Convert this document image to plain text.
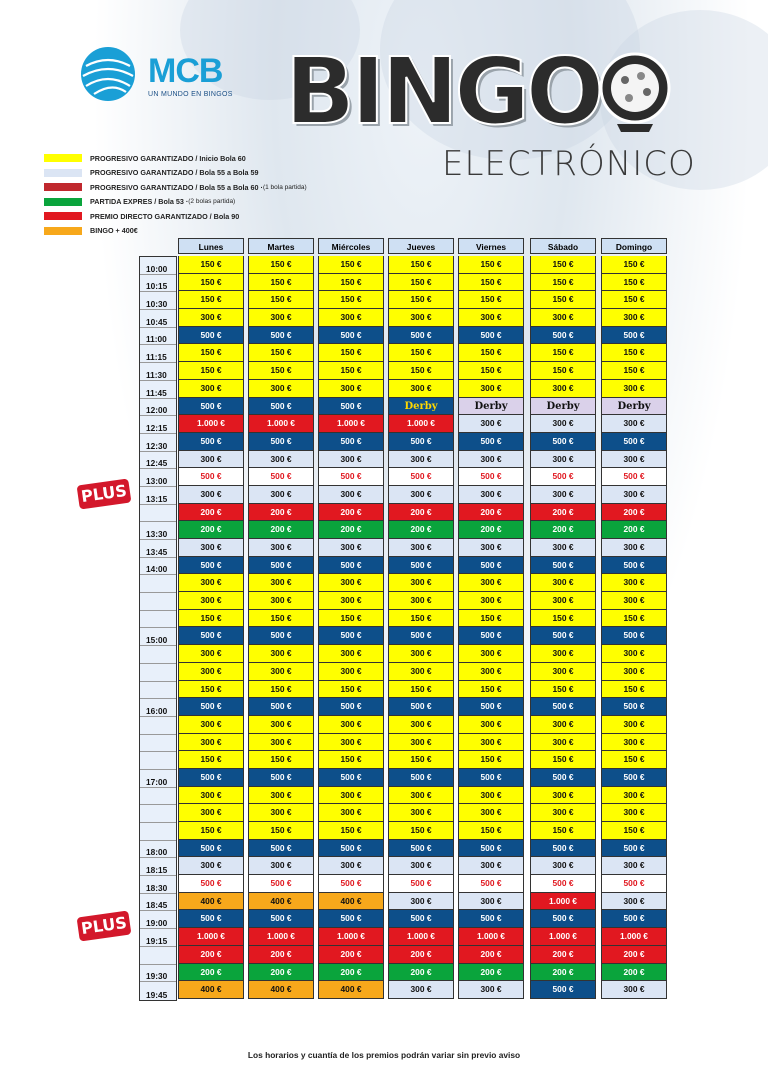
MCB
UN MUNDO EN BINGOS BINGO
ELECTRÓNICO
PROGRESIVO GARANTIZADO / Inicio Bola 60
PROGRESIVO GARANTIZADO / Bola 55 a Bola 59
PROGRESIVO GARANTIZADO / Bola 55 a Bola 60 · (1 bola partida)
PARTIDA EXPRES / Bola 53 · (2 bolas partida)
PREMIO DIRECTO GARANTIZADO / Bola 90
BINGO + 400€
10:00
10:15
10:30
10:45
11:00
11:15
11:30
11:45
12:00
12:15
12:30
12:45
13:00
13:15
13:30
13:45
14:00
15:00
16:00
17:00
18:00
18:15
18:30
18:45
19:00
19:15
19:30
19:45
Lunes
150 €
150 €
150 €
300 €
500 €
150 €
150 €
300 €
500 €
1.000 €
500 €
300 €
500 €
300 €
200 €
200 €
300 €
500 €
300 €
300 €
150 €
500 €
300 €
300 €
150 €
500 €
300 €
300 €
150 €
500 €
300 €
300 €
150 €
500 €
300 €
500 €
400 €
500 €
1.000 €
200 €
200 €
400 €
Martes
150 €
150 €
150 €
300 €
500 €
150 €
150 €
300 €
500 €
1.000 €
500 €
300 €
500 €
300 €
200 €
200 €
300 €
500 €
300 €
300 €
150 €
500 €
300 €
300 €
150 €
500 €
300 €
300 €
150 €
500 €
300 €
300 €
150 €
500 €
300 €
500 €
400 €
500 €
1.000 €
200 €
200 €
400 €
Miércoles
150 €
150 €
150 €
300 €
500 €
150 €
150 €
300 €
500 €
1.000 €
500 €
300 €
500 €
300 €
200 €
200 €
300 €
500 €
300 €
300 €
150 €
500 €
300 €
300 €
150 €
500 €
300 €
300 €
150 €
500 €
300 €
300 €
150 €
500 €
300 €
500 €
400 €
500 €
1.000 €
200 €
200 €
400 €
Jueves
150 €
150 €
150 €
300 €
500 €
150 €
150 €
300 €
Derby
1.000 €
500 €
300 €
500 €
300 €
200 €
200 €
300 €
500 €
300 €
300 €
150 €
500 €
300 €
300 €
150 €
500 €
300 €
300 €
150 €
500 €
300 €
300 €
150 €
500 €
300 €
500 €
300 €
500 €
1.000 €
200 €
200 €
300 €
Viernes
150 €
150 €
150 €
300 €
500 €
150 €
150 €
300 €
Derby
300 €
500 €
300 €
500 €
300 €
200 €
200 €
300 €
500 €
300 €
300 €
150 €
500 €
300 €
300 €
150 €
500 €
300 €
300 €
150 €
500 €
300 €
300 €
150 €
500 €
300 €
500 €
300 €
500 €
1.000 €
200 €
200 €
300 €
Sábado
150 €
150 €
150 €
300 €
500 €
150 €
150 €
300 €
Derby
300 €
500 €
300 €
500 €
300 €
200 €
200 €
300 €
500 €
300 €
300 €
150 €
500 €
300 €
300 €
150 €
500 €
300 €
300 €
150 €
500 €
300 €
300 €
150 €
500 €
300 €
500 €
1.000 €
500 €
1.000 €
200 €
200 €
500 €
Domingo
150 €
150 €
150 €
300 €
500 €
150 €
150 €
300 €
Derby
300 €
500 €
300 €
500 €
300 €
200 €
200 €
300 €
500 €
300 €
300 €
150 €
500 €
300 €
300 €
150 €
500 €
300 €
300 €
150 €
500 €
300 €
300 €
150 €
500 €
300 €
500 €
300 €
500 €
1.000 €
200 €
200 €
300 €
PLUS
PLUS
Los horarios y cuantía de los premios podrán variar sin previo aviso
